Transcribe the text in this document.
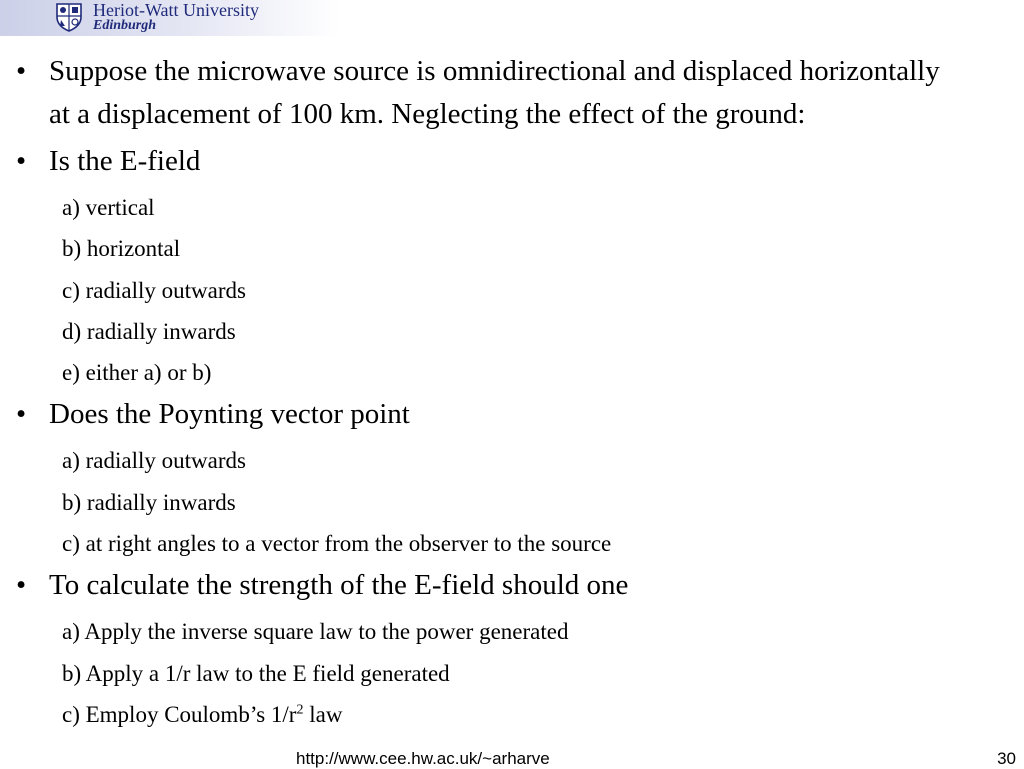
Heriot-Watt University
Edinburgh
• Suppose the microwave source is omnidirectional and displaced horizontally at a displacement of 100 km. Neglecting the effect of the ground:
• Is the E-field
a) vertical
b) horizontal
c) radially outwards
d) radially inwards
e) either a) or b)
• Does the Poynting vector point
a) radially outwards
b) radially inwards
c) at right angles to a vector from the observer to the source
• To calculate the strength of the E-field should one
a) Apply the inverse square law to the power generated
b) Apply a 1/r law to the E field generated
c) Employ Coulomb’s $1/r^2$ law
http://www.cee.hw.ac.uk/~arharve	30
